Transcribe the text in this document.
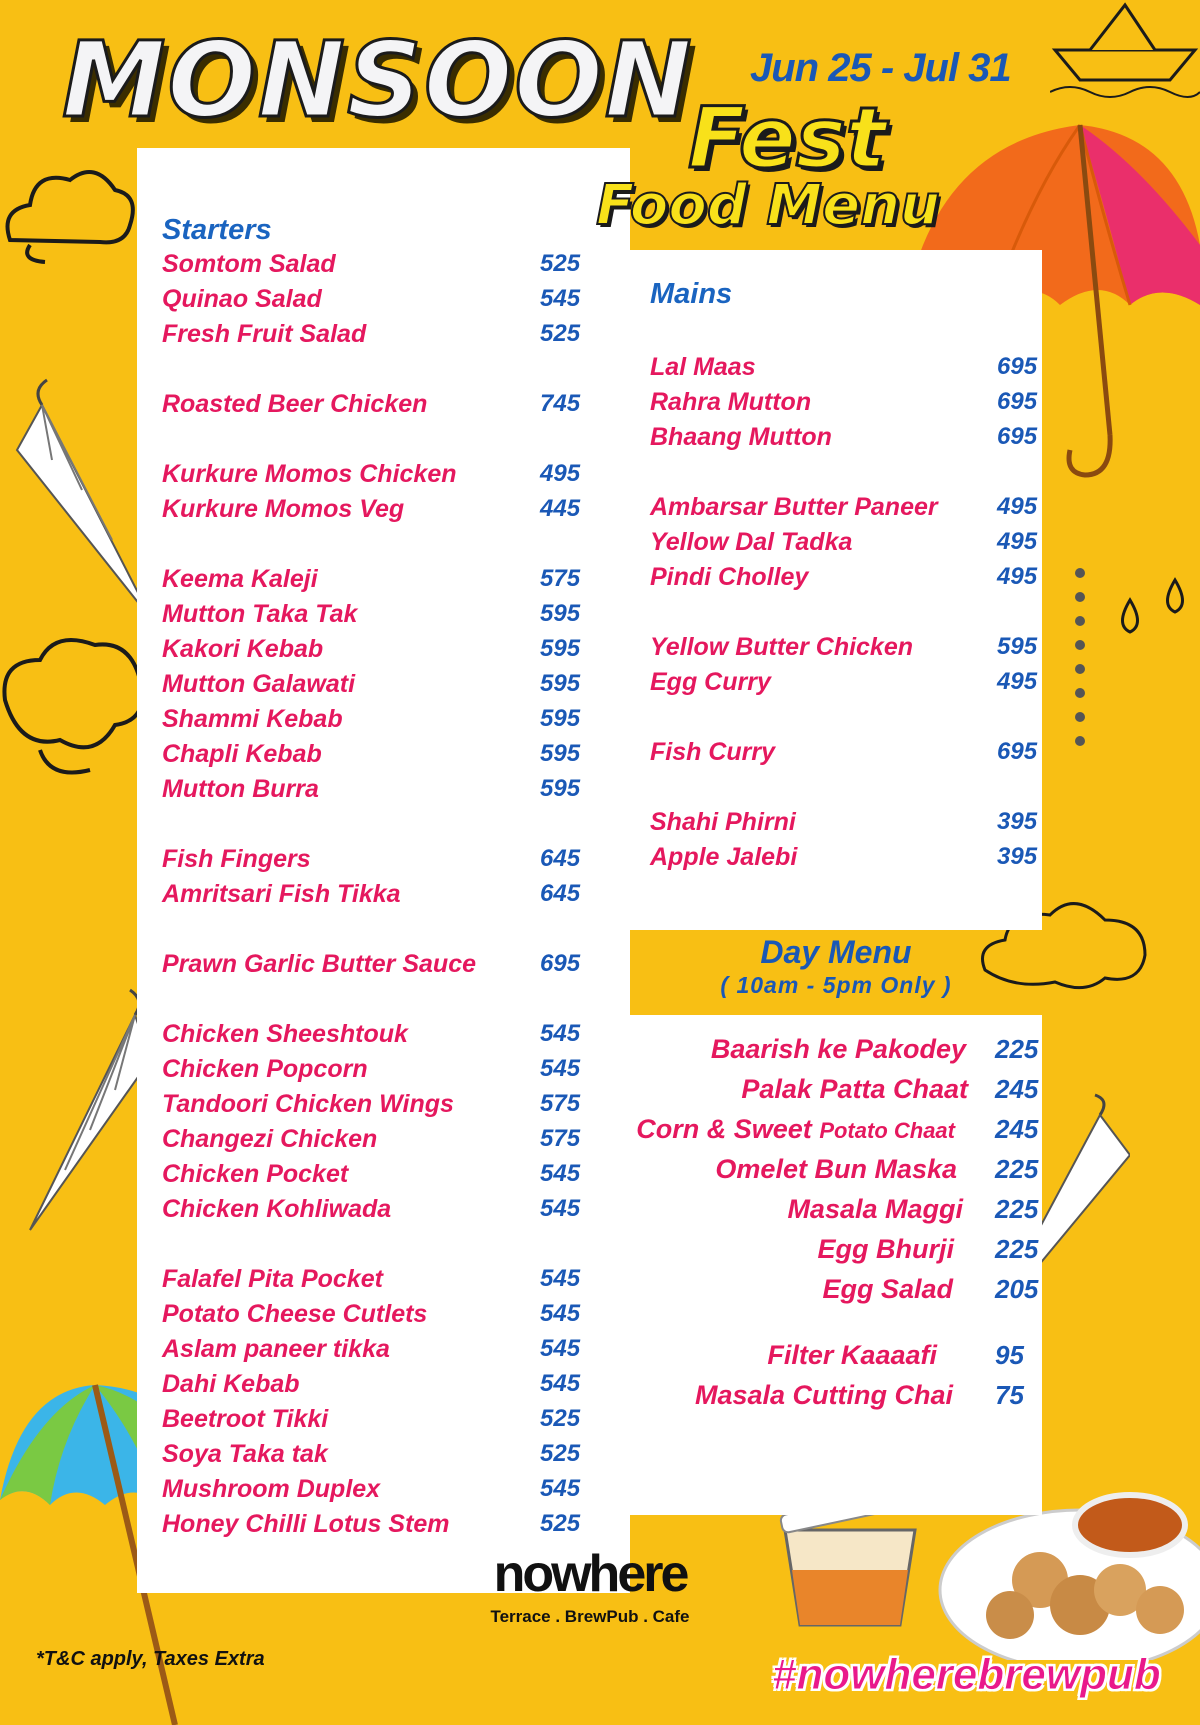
MONSOON Jun 25 - Jul 31
Fest
Food Menu
Starters
Somtom Salad	525
Quinao Salad	545
Fresh Fruit Salad	525
Roasted Beer Chicken	745
Kurkure Momos Chicken	495
Kurkure Momos Veg	445
Keema Kaleji	575
Mutton Taka Tak	595
Kakori Kebab	595
Mutton Galawati	595
Shammi Kebab	595
Chapli Kebab	595
Mutton Burra	595
Fish Fingers	645
Amritsari Fish Tikka	645
Prawn Garlic Butter Sauce	695
Chicken Sheeshtouk	545
Chicken Popcorn	545
Tandoori Chicken Wings	575
Changezi Chicken	575
Chicken Pocket	545
Chicken Kohliwada	545
Falafel Pita Pocket	545
Potato Cheese Cutlets	545
Aslam paneer tikka	545
Dahi Kebab	545
Beetroot Tikki	525
Soya Taka tak	525
Mushroom Duplex	545
Honey Chilli Lotus Stem	525
Mains
Lal Maas	695
Rahra Mutton	695
Bhaang Mutton	695
Ambarsar Butter Paneer 495
Yellow Dal Tadka	495
Pindi Cholley	495
Yellow Butter Chicken	595
Egg Curry	495
Fish Curry	695
Shahi Phirni	395
Apple Jalebi	395
Day Menu
( 10am - 5pm Only )
Baarish ke Pakodey 225
Palak Patta Chaat 245
Corn & Sweet Potato Chaat 245
Omelet Bun Maska 225
Masala Maggi 225
Egg Bhurji 225
Egg Salad 205
Filter Kaaaafi 95
Masala Cutting Chai 75
nowhere
Terrace . BrewPub . Cafe
*T&C apply, Taxes Extra	#nowherebrewpub
